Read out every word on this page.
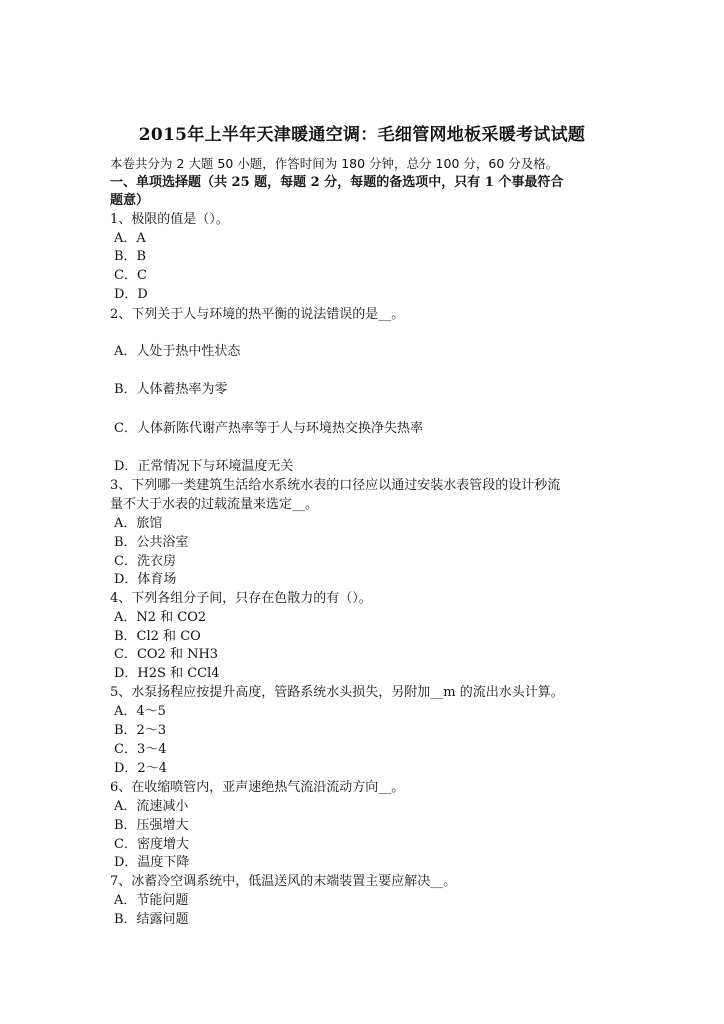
2015年上半年天津暖通空调：毛细管网地板采暖考试试题
本卷共分为 2 大题 50 小题，作答时间为 180 分钟，总分 100 分，60 分及格。
一、单项选择题（共 25 题，每题 2 分，每题的备选项中，只有 1 个事最符合
题意）
1、极限的值是（）。
A．A
B．B
C．C
D．D
2、下列关于人与环境的热平衡的说法错误的是__。
A．人处于热中性状态
B．人体蓄热率为零
C．人体新陈代谢产热率等于人与环境热交换净失热率
D．正常情况下与环境温度无关
3、下列哪一类建筑生活给水系统水表的口径应以通过安装水表管段的设计秒流
量不大于水表的过载流量来选定__。
A．旅馆
B．公共浴室
C．洗衣房
D．体育场
4、下列各组分子间，只存在色散力的有（）。
A．N2 和 CO2
B．Cl2 和 CO
C．CO2 和 NH3
D．H2S 和 CCl4
5、水泵扬程应按提升高度，管路系统水头损失，另附加__m 的流出水头计算。
A．4～5
B．2～3
C．3～4
D．2～4
6、在收缩喷管内，亚声速绝热气流沿流动方向__。
A．流速减小
B．压强增大
C．密度增大
D．温度下降
7、冰蓄冷空调系统中，低温送风的末端装置主要应解决__。
A．节能问题
B．结露问题
